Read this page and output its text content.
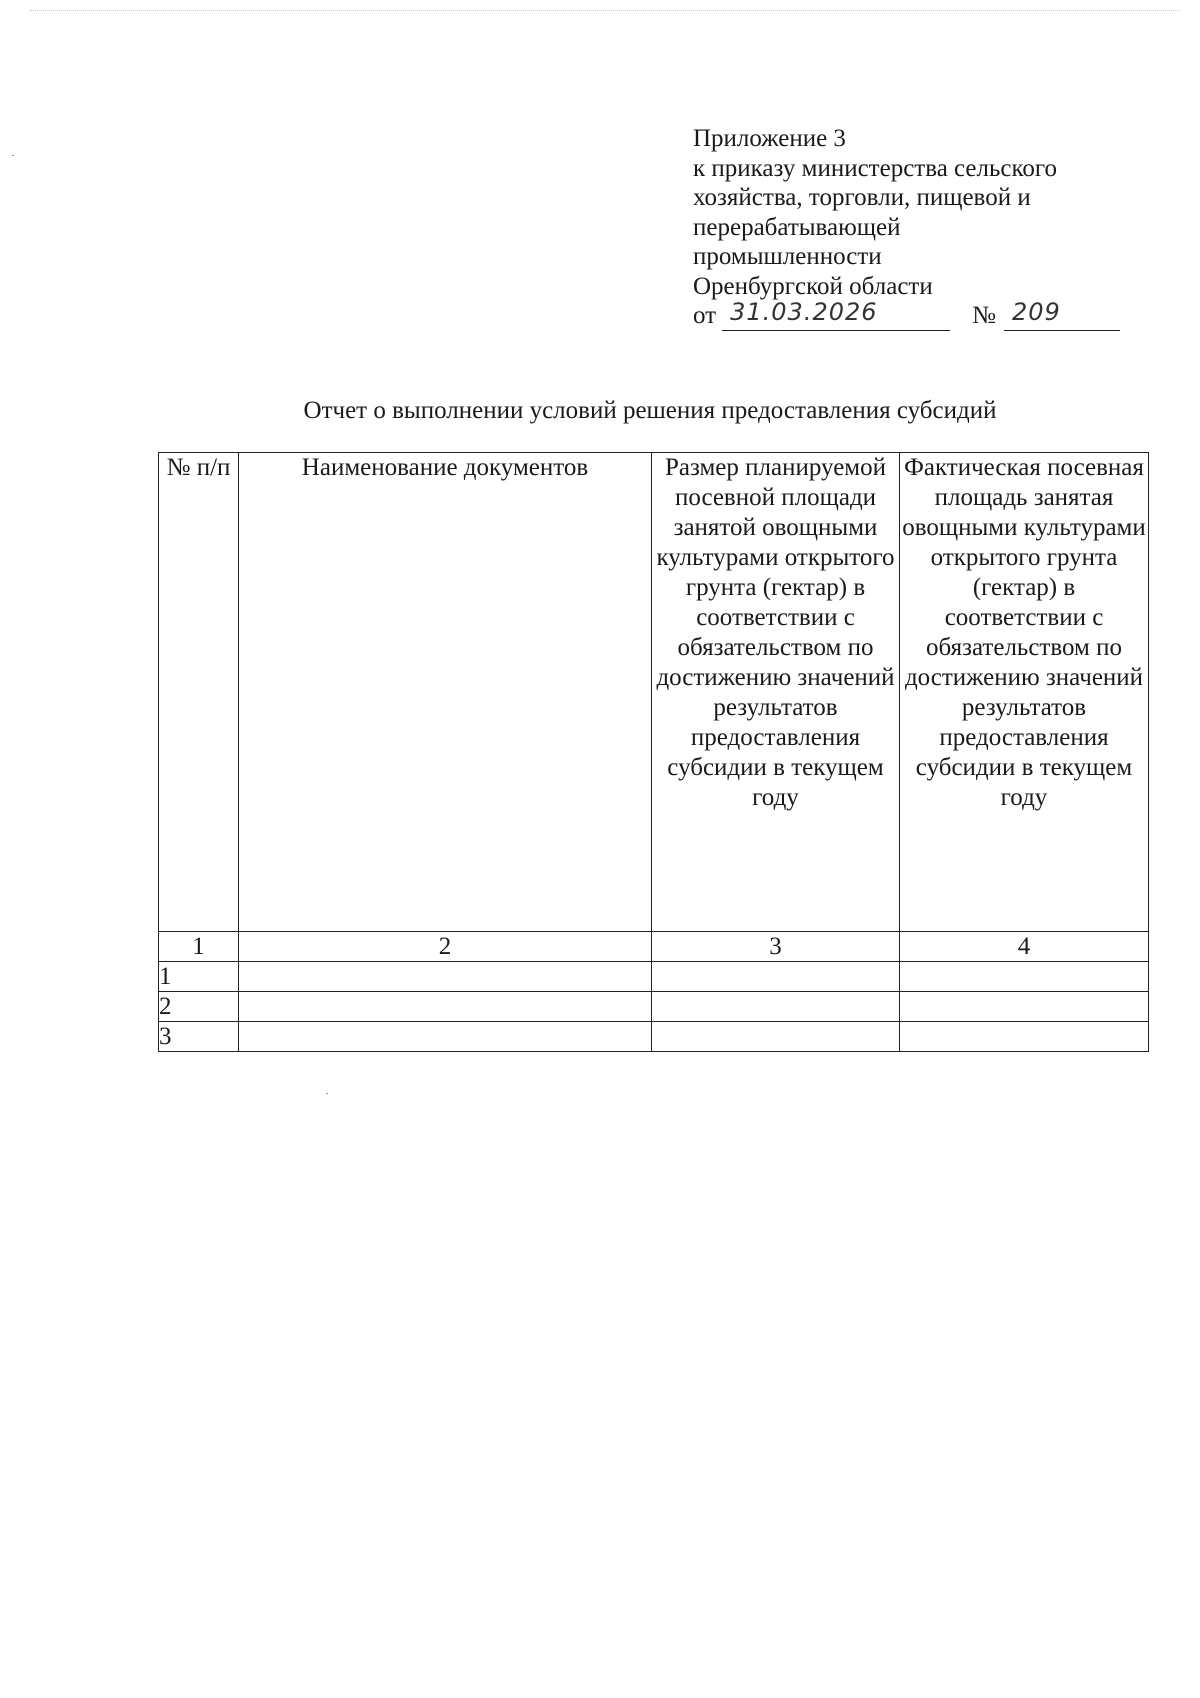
Приложение 3
к приказу министерства сельского
хозяйства, торговли, пищевой и
перерабатывающей
промышленности
Оренбургской области
от 31.03.2026	№ 209
Отчет о выполнении условий решения предоставления субсидий
№ п/п	Наименование документов	Размер планируемой посевной площади занятой овощными культурами открытого грунта (гектар) в соответствии с обязательством по достижению значений результатов предоставления субсидии в текущем году	Фактическая посевная площадь занятая овощными культурами открытого грунта (гектар) в соответствии с обязательством по достижению значений результатов предоставления субсидии в текущем году
1	2	3	4
1			
2			
3			
